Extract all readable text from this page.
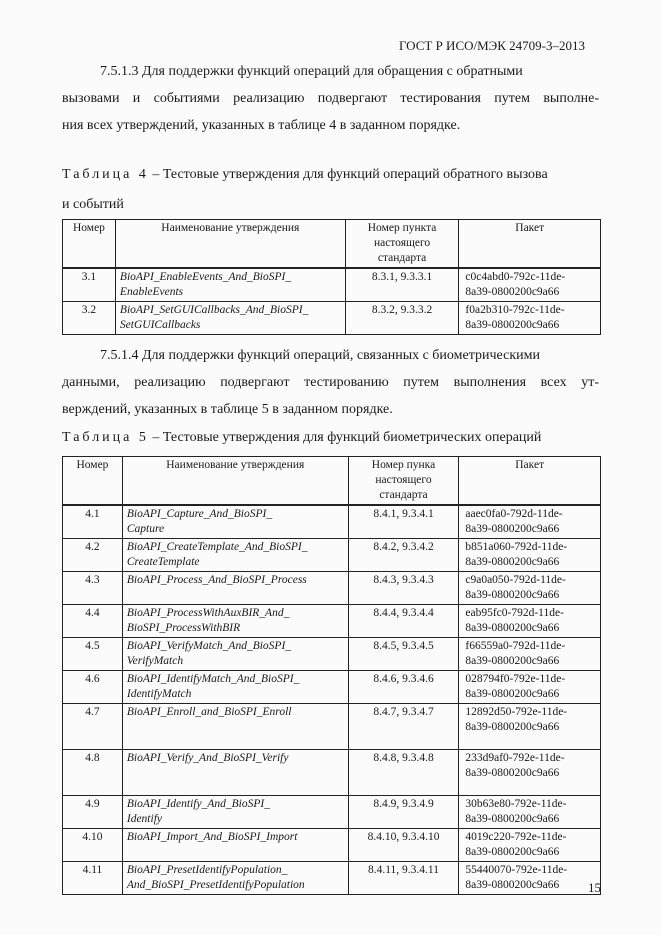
ГОСТ Р ИСО/МЭК 24709-3–2013
7.5.1.3 Для поддержки функций операций для обращения с обратными
вызовами и событиями реализацию подвергают тестирования путем выполне-
ния всех утверждений, указанных в таблице 4 в заданном порядке.
Таблица 4 – Тестовые утверждения для функций операций обратного вызова
и событий
Номер	Наименование утверждения	Номер пункта настоящего стандарта	Пакет
3.1	BioAPI_EnableEvents_And_BioSPI_
EnableEvents	8.3.1, 9.3.3.1	c0c4abd0-792c-11de-
8a39-0800200c9a66

3.2	BioAPI_SetGUICallbacks_And_BioSPI_
SetGUICallbacks	8.3.2, 9.3.3.2	f0a2b310-792c-11de-
8a39-0800200c9a66
7.5.1.4 Для поддержки функций операций, связанных с биометрическими
данными, реализацию подвергают тестированию путем выполнения всех ут-
верждений, указанных в таблице 5 в заданном порядке.
Таблица 5 – Тестовые утверждения для функций биометрических операций
Номер	Наименование утверждения	Номер пунка настоящего стандарта	Пакет
4.1	BioAPI_Capture_And_BioSPI_
Capture	8.4.1, 9.3.4.1	aaec0fa0-792d-11de-
8a39-0800200c9a66

4.2	BioAPI_CreateTemplate_And_BioSPI_
CreateTemplate	8.4.2, 9.3.4.2	b851a060-792d-11de-
8a39-0800200c9a66

4.3	BioAPI_Process_And_BioSPI_Process	8.4.3, 9.3.4.3	c9a0a050-792d-11de-
8a39-0800200c9a66

4.4	BioAPI_ProcessWithAuxBIR_And_
BioSPI_ProcessWithBIR	8.4.4, 9.3.4.4	eab95fc0-792d-11de-
8a39-0800200c9a66

4.5	BioAPI_VerifyMatch_And_BioSPI_
VerifyMatch	8.4.5, 9.3.4.5	f66559a0-792d-11de-
8a39-0800200c9a66

4.6	BioAPI_IdentifyMatch_And_BioSPI_
IdentifyMatch	8.4.6, 9.3.4.6	028794f0-792e-11de-
8a39-0800200c9a66

4.7	BioAPI_Enroll_and_BioSPI_Enroll	8.4.7, 9.3.4.7	12892d50-792e-11de-
8a39-0800200c9a66

4.8	BioAPI_Verify_And_BioSPI_Verify	8.4.8, 9.3.4.8	233d9af0-792e-11de-
8a39-0800200c9a66

4.9	BioAPI_Identify_And_BioSPI_
Identify	8.4.9, 9.3.4.9	30b63e80-792e-11de-
8a39-0800200c9a66

4.10	BioAPI_Import_And_BioSPI_Import	8.4.10, 9.3.4.10	4019c220-792e-11de-
8a39-0800200c9a66

4.11	BioAPI_PresetIdentifyPopulation_
And_BioSPI_PresetIdentifyPopulation	8.4.11, 9.3.4.11	55440070-792e-11de-
8a39-0800200c9a66	15
